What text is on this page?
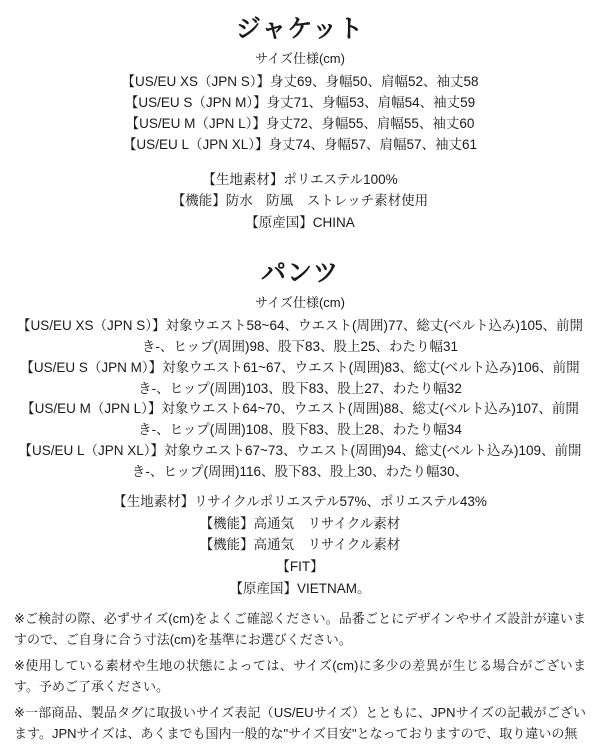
ジャケット
サイズ仕様(cm)
【US/EU XS（JPN S）】身丈69、身幅50、肩幅52、袖丈58
【US/EU S（JPN M）】身丈71、身幅53、肩幅54、袖丈59
【US/EU M（JPN L）】身丈72、身幅55、肩幅55、袖丈60
【US/EU L（JPN XL）】身丈74、身幅57、肩幅57、袖丈61
【生地素材】ポリエステル100%
【機能】防水　防風　ストレッチ素材使用
【原産国】CHINA
パンツ
サイズ仕様(cm)
【US/EU XS（JPN S）】対象ウエスト58~64、ウエスト(周囲)77、総丈(ベルト込み)105、前開き-、ヒップ(周囲)98、股下83、股上25、わたり幅31
【US/EU S（JPN M）】対象ウエスト61~67、ウエスト(周囲)83、総丈(ベルト込み)106、前開き-、ヒップ(周囲)103、股下83、股上27、わたり幅32
【US/EU M（JPN L）】対象ウエスト64~70、ウエスト(周囲)88、総丈(ベルト込み)107、前開き-、ヒップ(周囲)108、股下83、股上28、わたり幅34
【US/EU L（JPN XL）】対象ウエスト67~73、ウエスト(周囲)94、総丈(ベルト込み)109、前開き-、ヒップ(周囲)116、股下83、股上30、わたり幅30、
【生地素材】リサイクルポリエステル57%、ポリエステル43%
【機能】高通気　リサイクル素材
【機能】高通気　リサイクル素材
【FIT】
【原産国】VIETNAM。

※ご検討の際、必ずサイズ(cm)をよくご確認ください。品番ごとにデザインやサイズ設計が違いますので、ご自身に合う寸法(cm)を基準にお選びください。

※使用している素材や生地の状態によっては、サイズ(cm)に多少の差異が生じる場合がございます。予めご了承ください。

※一部商品、製品タグに取扱いサイズ表記（US/EUサイズ）とともに、JPNサイズの記載がございます。JPNサイズは、あくまでも国内一般的な"サイズ目安"となっておりますので、取り違いの無
